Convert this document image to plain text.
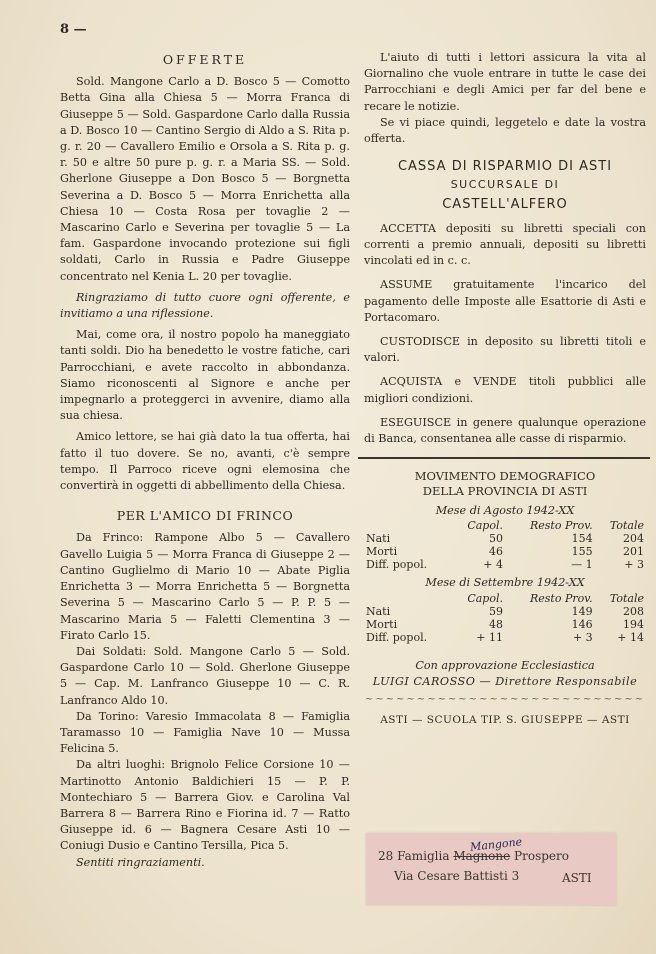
8 —
OFFERTE

Sold. Mangone Carlo a D. Bosco 5 — Comotto Betta Gina alla Chiesa 5 — Morra Franca di Giuseppe 5 — Sold. Gaspardone Carlo dalla Russia a D. Bosco 10 — Cantino Sergio di Aldo a S. Rita p. g. r. 20 — Cavallero Emilio e Orsola a S. Rita p. g. r. 50 e altre 50 pure p. g. r. a Maria SS. — Sold. Gherlone Giuseppe a Don Bosco 5 — Borgnetta Severina a D. Bosco 5 — Morra Enrichetta alla Chiesa 10 — Costa Rosa per tovaglie 2 — Mascarino Carlo e Severina per tovaglie 5 — La fam. Gaspardone invocando protezione sui figli soldati, Carlo in Russia e Padre Giuseppe concentrato nel Kenia L. 20 per tovaglie.

Ringraziamo di tutto cuore ogni offerente, e invitiamo a una riflessione.

Mai, come ora, il nostro popolo ha maneggiato tanti soldi. Dio ha benedetto le vostre fatiche, cari Parrocchiani, e avete raccolto in abbondanza. Siamo riconoscenti al Signore e anche per impegnarlo a proteggerci in avvenire, diamo alla sua chiesa.

Amico lettore, se hai già dato la tua offerta, hai fatto il tuo dovere. Se no, avanti, c'è sempre tempo. Il Parroco riceve ogni elemosina che convertirà in oggetti di abbellimento della Chiesa.

PER L'AMICO DI FRINCO

Da Frinco: Rampone Albo 5 — Cavallero Gavello Luigia 5 — Morra Franca di Giuseppe 2 — Cantino Guglielmo di Mario 10 — Abate Piglia Enrichetta 3 — Morra Enrichetta 5 — Borgnetta Severina 5 — Mascarino Carlo 5 — P. P. 5 — Mascarino Maria 5 — Faletti Clementina 3 — Firato Carlo 15.

Dai Soldati: Sold. Mangone Carlo 5 — Sold. Gaspardone Carlo 10 — Sold. Gherlone Giuseppe 5 — Cap. M. Lanfranco Giuseppe 10 — C. R. Lanfranco Aldo 10.

Da Torino: Varesio Immacolata 8 — Famiglia Taramasso 10 — Famiglia Nave 10 — Mussa Felicina 5.

Da altri luoghi: Brignolo Felice Corsione 10 — Martinotto Antonio Baldichieri 15 — P. P. Montechiaro 5 — Barrera Giov. e Carolina Val Barrera 8 — Barrera Rino e Fiorina id. 7 — Ratto Giuseppe id. 6 — Bagnera Cesare Asti 10 — Coniugi Dusio e Cantino Tersilla, Pica 5.

Sentiti ringraziamenti.

L'aiuto di tutti i lettori assicura la vita al Giornalino che vuole entrare in tutte le case dei Parrocchiani e degli Amici per far del bene e recare le notizie.

Se vi piace quindi, leggetelo e date la vostra offerta.

CASSA DI RISPARMIO DI ASTI
SUCCURSALE DI
CASTELL'ALFERO

ACCETTA depositi su libretti speciali con correnti a premio annuali, depositi su libretti vincolati ed in c. c.

ASSUME gratuitamente l'incarico del pagamento delle Imposte alle Esattorie di Asti e Portacomaro.

CUSTODISCE in deposito su libretti titoli e valori.

ACQUISTA e VENDE titoli pubblici alle migliori condizioni.

ESEGUISCE in genere qualunque operazione di Banca, consentanea alle casse di risparmio.

MOVIMENTO DEMOGRAFICO
DELLA PROVINCIA DI ASTI
Mese di Agosto 1942-XX
	Capol.	Resto Prov.	Totale
Nati	50	154	204
Morti	46	155	201
Diff. popol.	+ 4	— 1	+ 3
Mese di Settembre 1942-XX
	Capol.	Resto Prov.	Totale
Nati	59	149	208
Morti	48	146	194
Diff. popol.	+ 11	+ 3	+ 14
Con approvazione Ecclesiastica
LUIGI CAROSSO — Direttore Responsabile
~~~~~~~~~~~~~~~~~~~~~~~~~~~
ASTI — SCUOLA TIP. S. GIUSEPPE — ASTI
Mangone
28 Famiglia Magnone Prospero
Via Cesare Battisti 3	ASTI
